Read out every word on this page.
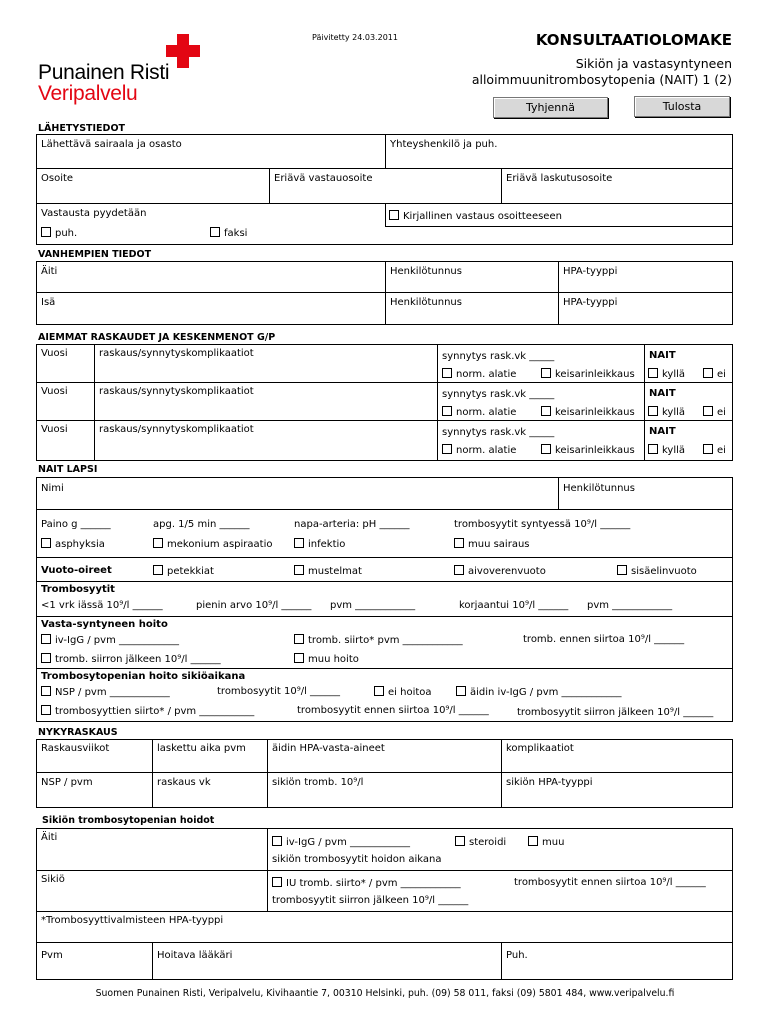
Punainen Risti
Veripalvelu
Päivitetty 24.03.2011	KONSULTAATIOLOMAKE
Sikiön ja vastasyntyneen
alloimmuunitrombosytopenia (NAIT) 1 (2)
Tyhjennä	Tulosta
LÄHETYSTIEDOT
Lähettävä sairaala ja osasto	Yhteyshenkilö ja puh.
Osoite	Eriävä vastauosoite	Eriävä laskutusosoite
Vastausta pyydetään	Kirjallinen vastaus osoitteeseen
puh.	faksi
VANHEMPIEN TIEDOT
Äiti	Henkilötunnus	HPA-tyyppi
Isä	Henkilötunnus	HPA-tyyppi
AIEMMAT RASKAUDET JA KESKENMENOT G/P
Vuosi	raskaus/synnytyskomplikaatiot	synnytys rask.vk _____	NAIT
norm. alatie	keisarinleikkaus	kyllä	ei
Vuosi	raskaus/synnytyskomplikaatiot	synnytys rask.vk _____	NAIT
norm. alatie	keisarinleikkaus	kyllä	ei
Vuosi	raskaus/synnytyskomplikaatiot	synnytys rask.vk _____	NAIT
norm. alatie	keisarinleikkaus	kyllä	ei
NAIT LAPSI
Nimi	Henkilötunnus
Paino g ______	apg. 1/5 min ______	napa-arteria: pH ______	trombosyytit syntyessä 10⁹/l ______
asphyksia	mekonium aspiraatio	infektio	muu sairaus
Vuoto-oireet	petekkiat	mustelmat	aivoverenvuoto	sisäelinvuoto
Trombosyytit
<1 vrk iässä 10⁹/l ______	pienin arvo 10⁹/l ______ pvm ____________	korjaantui 10⁹/l ______ pvm ____________
Vasta-syntyneen hoito
iv-IgG / pvm ____________	tromb. siirto* pvm ____________	tromb. ennen siirtoa 10⁹/l ______
tromb. siirron jälkeen 10⁹/l ______	muu hoito
Trombosytopenian hoito sikiöaikana
NSP / pvm ____________	trombosyytit 10⁹/l ______	ei hoitoa	äidin iv-IgG / pvm ____________
trombosyyttien siirto* / pvm ___________	trombosyytit ennen siirtoa 10⁹/l ______	trombosyytit siirron jälkeen 10⁹/l ______
NYKYRASKAUS
Raskausviikot	laskettu aika pvm	äidin HPA-vasta-aineet	komplikaatiot
NSP / pvm	raskaus vk	sikiön tromb. 10⁹/l	sikiön HPA-tyyppi
Sikiön trombosytopenian hoidot
Äiti	iv-IgG / pvm ____________	steroidi	muu
sikiön trombosyytit hoidon aikana
Sikiö	IU tromb. siirto* / pvm ____________	trombosyytit ennen siirtoa 10⁹/l ______
trombosyytit siirron jälkeen 10⁹/l ______
*Trombosyyttivalmisteen HPA-tyyppi
Pvm	Hoitava lääkäri	Puh.
Suomen Punainen Risti, Veripalvelu, Kivihaantie 7, 00310 Helsinki, puh. (09) 58 011, faksi (09) 5801 484, www.veripalvelu.fi
